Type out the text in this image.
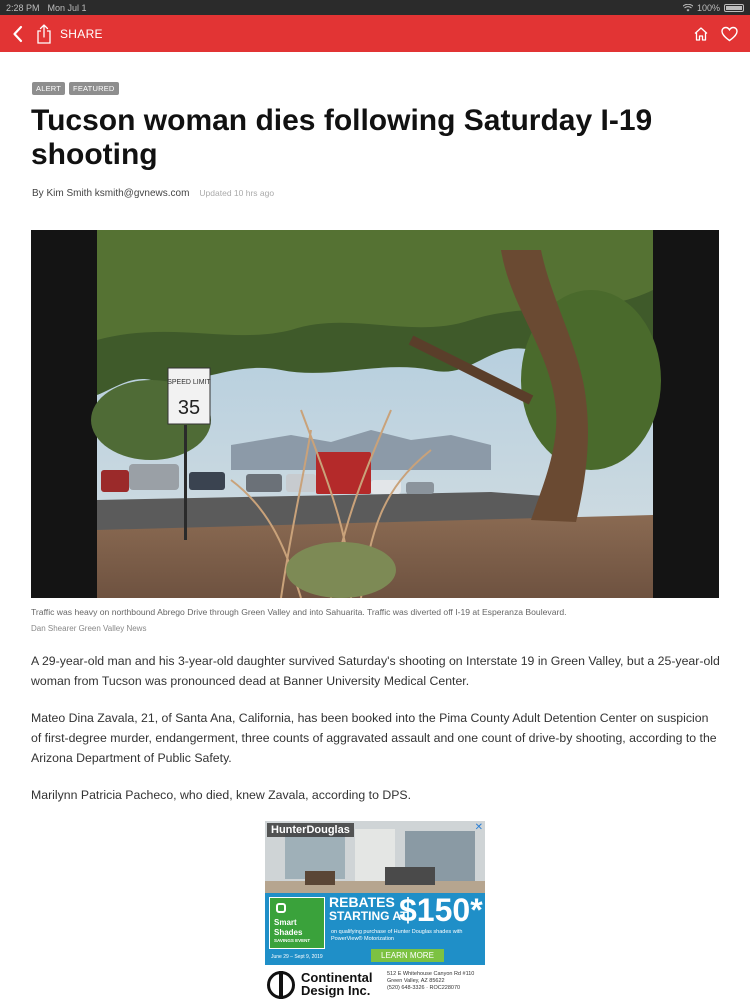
2:28 PM Mon Jul 1	100%
SHARE
ALERT	FEATURED
Tucson woman dies following Saturday I-19 shooting
By Kim Smith ksmith@gvnews.com Updated 10 hrs ago
SPEED LIMIT
35
Traffic was heavy on northbound Abrego Drive through Green Valley and into Sahuarita. Traffic was diverted off I-19 at Esperanza Boulevard.
Dan Shearer Green Valley News

A 29-year-old man and his 3-year-old daughter survived Saturday's shooting on Interstate 19 in Green Valley, but a 25-year-old woman from Tucson was pronounced dead at Banner University Medical Center.

Mateo Dina Zavala, 21, of Santa Ana, California, has been booked into the Pima County Adult Detention Center on suspicion of first-degree murder, endangerment, three counts of aggravated assault and one count of drive-by shooting, according to the Arizona Department of Public Safety.

Marilynn Patricia Pacheco, who died, knew Zavala, according to DPS.

HunterDouglas	✕
Smart
Shades
SAVINGS EVENT
REBATES
STARTING AT
$150*
on qualifying purchase of Hunter Douglas shades with PowerView® Motorization
June 29 – Sept 9, 2019	LEARN MORE
Continental
Design Inc.
512 E Whitehouse Canyon Rd #110
Green Valley, AZ 85622
(520) 648-3326 · ROC228070
